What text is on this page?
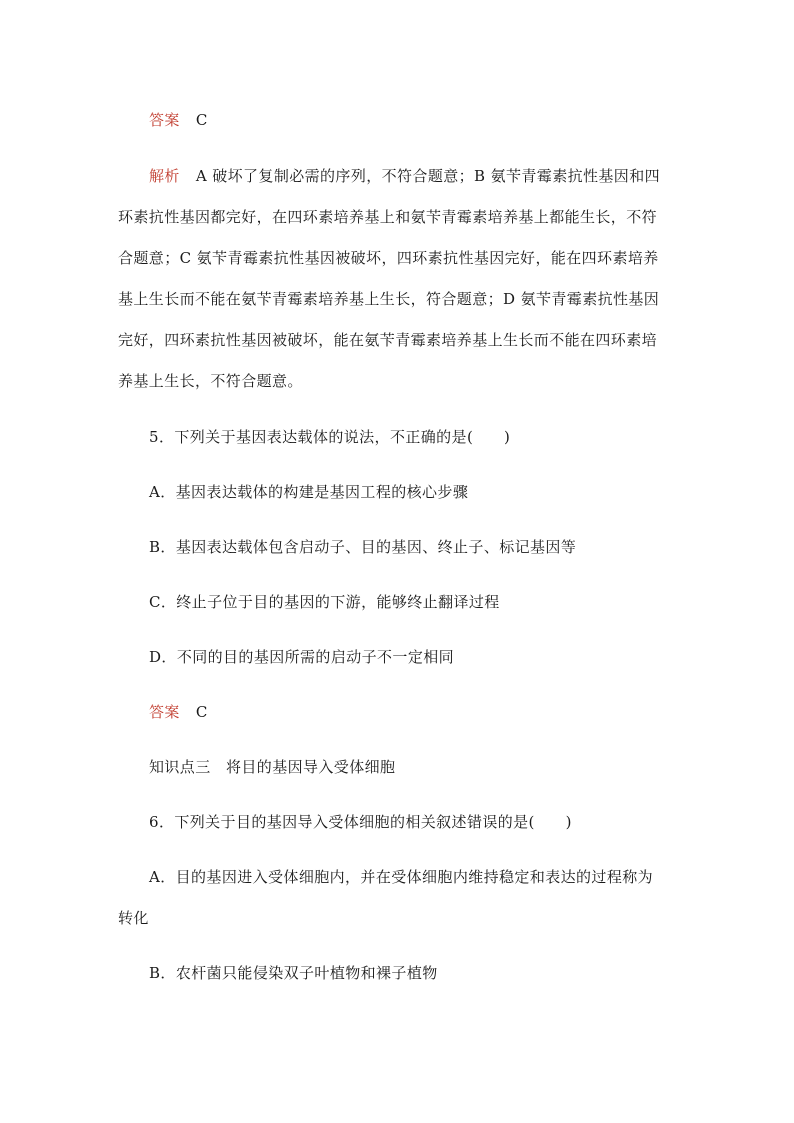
答案 C
解析 A 破坏了复制必需的序列，不符合题意；B 氨苄青霉素抗性基因和四
环素抗性基因都完好，在四环素培养基上和氨苄青霉素培养基上都能生长，不符
合题意；C 氨苄青霉素抗性基因被破坏，四环素抗性基因完好，能在四环素培养
基上生长而不能在氨苄青霉素培养基上生长，符合题意；D 氨苄青霉素抗性基因
完好，四环素抗性基因被破坏，能在氨苄青霉素培养基上生长而不能在四环素培
养基上生长，不符合题意。
5．下列关于基因表达载体的说法，不正确的是(　　)
A．基因表达载体的构建是基因工程的核心步骤
B．基因表达载体包含启动子、目的基因、终止子、标记基因等
C．终止子位于目的基因的下游，能够终止翻译过程
D．不同的目的基因所需的启动子不一定相同
答案 C
知识点三　将目的基因导入受体细胞
6．下列关于目的基因导入受体细胞的相关叙述错误的是(　　)
A．目的基因进入受体细胞内，并在受体细胞内维持稳定和表达的过程称为
转化
B．农杆菌只能侵染双子叶植物和裸子植物
